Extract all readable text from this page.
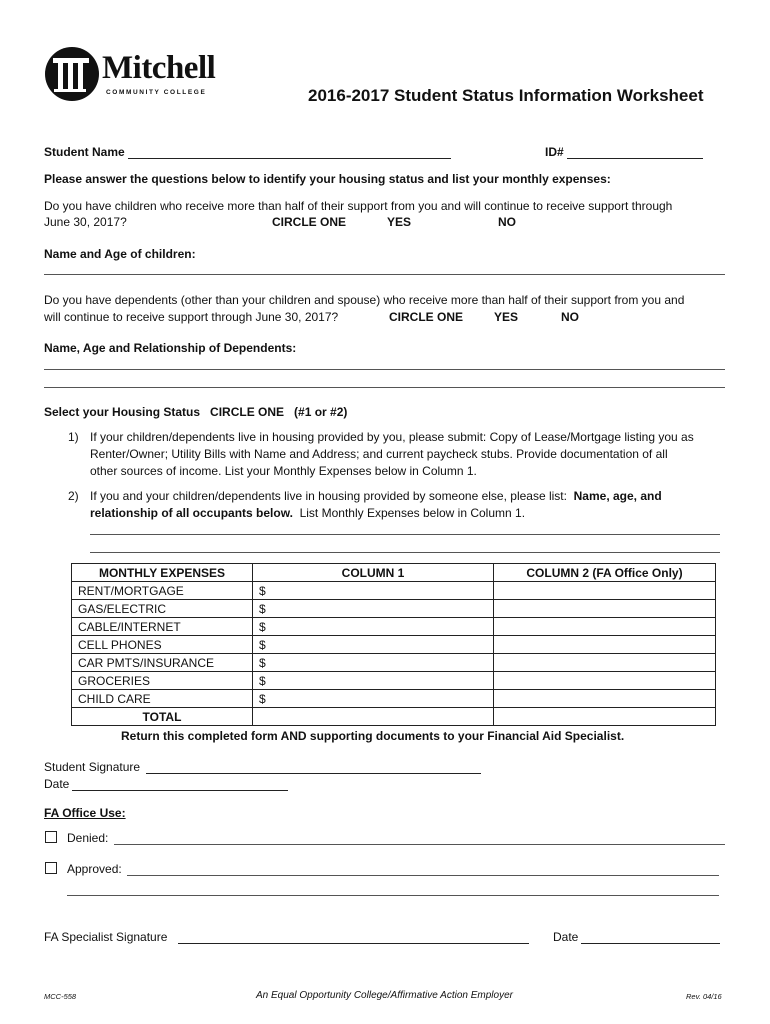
Mitchell
COMMUNITY COLLEGE	2016-2017 Student Status Information Worksheet
Student Name	ID#
Please answer the questions below to identify your housing status and list your monthly expenses:
Do you have children who receive more than half of their support from you and will continue to receive support through
June 30, 2017?	CIRCLE ONE	YES	NO
Name and Age of children:
Do you have dependents (other than your children and spouse) who receive more than half of their support from you and
will continue to receive support through June 30, 2017?	CIRCLE ONE	YES	NO
Name, Age and Relationship of Dependents:
Select your Housing Status   CIRCLE ONE   (#1 or #2)
1) If your children/dependents live in housing provided by you, please submit: Copy of Lease/Mortgage listing you as
Renter/Owner; Utility Bills with Name and Address; and current paycheck stubs. Provide documentation of all
other sources of income. List your Monthly Expenses below in Column 1.
2) If you and your children/dependents live in housing provided by someone else, please list:  Name, age, and
relationship of all occupants below.  List Monthly Expenses below in Column 1.
MONTHLY EXPENSES	COLUMN 1	COLUMN 2 (FA Office Only)
RENT/MORTGAGE	$	
GAS/ELECTRIC	$	
CABLE/INTERNET	$	
CELL PHONES	$	
CAR PMTS/INSURANCE	$	
GROCERIES	$	
CHILD CARE	$	
TOTAL		
Return this completed form AND supporting documents to your Financial Aid Specialist.
Student Signature
Date
FA Office Use:
Denied:
Approved:
FA Specialist Signature	Date
MCC-558	An Equal Opportunity College/Affirmative Action Employer	Rev. 04/16
